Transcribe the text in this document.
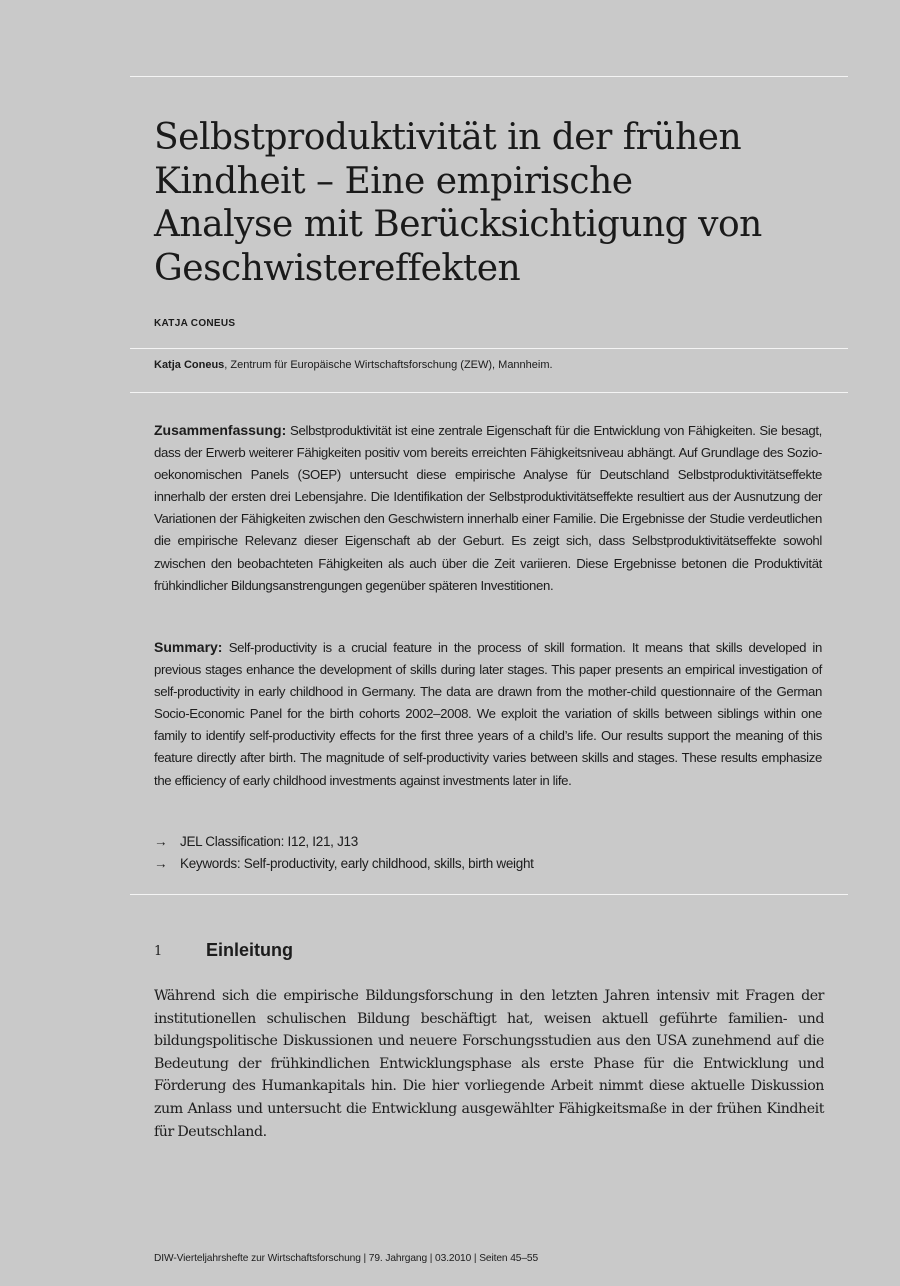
Selbstproduktivität in der frühen
Kindheit – Eine empirische
Analyse mit Berücksichtigung von
Geschwistereffekten
KATJA CONEUS
Katja Coneus, Zentrum für Europäische Wirtschaftsforschung (ZEW), Mannheim.
Zusammenfassung: Selbstproduktivität ist eine zentrale Eigenschaft für die Entwicklung von Fähigkeiten. Sie besagt, dass der Erwerb weiterer Fähigkeiten positiv vom bereits erreichten Fähigkeitsniveau abhängt. Auf Grundlage des Sozio-oekonomischen Panels (SOEP) untersucht diese empirische Analyse für Deutschland Selbstproduktivitätseffekte innerhalb der ersten drei Lebensjahre. Die Identifikation der Selbstproduktivitätseffekte resultiert aus der Ausnutzung der Variationen der Fähigkeiten zwischen den Geschwistern innerhalb einer Familie. Die Ergebnisse der Studie verdeutlichen die empirische Relevanz dieser Eigenschaft ab der Geburt. Es zeigt sich, dass Selbstproduktivitätseffekte sowohl zwischen den beobachteten Fähigkeiten als auch über die Zeit variieren. Diese Ergebnisse betonen die Produktivität frühkindlicher Bildungsanstrengungen gegenüber späteren Investitionen.
Summary: Self-productivity is a crucial feature in the process of skill formation. It means that skills developed in previous stages enhance the development of skills during later stages. This paper presents an empirical investigation of self-productivity in early childhood in Germany. The data are drawn from the mother-child questionnaire of the German Socio-Economic Panel for the birth cohorts 2002–2008. We exploit the variation of skills between siblings within one family to identify self-productivity effects for the first three years of a child’s life. Our results support the meaning of this feature directly after birth. The magnitude of self-productivity varies between skills and stages. These results emphasize the efficiency of early childhood investments against investments later in life.
→ JEL Classification: I12, I21, J13
→ Keywords: Self-productivity, early childhood, skills, birth weight
1 Einleitung
Während sich die empirische Bildungsforschung in den letzten Jahren intensiv mit Fragen der institutionellen schulischen Bildung beschäftigt hat, weisen aktuell geführte familien- und bildungspolitische Diskussionen und neuere Forschungsstudien aus den USA zunehmend auf die Bedeutung der frühkindlichen Entwicklungsphase als erste Phase für die Entwicklung und Förderung des Humankapitals hin. Die hier vorliegende Arbeit nimmt diese aktuelle Diskussion zum Anlass und untersucht die Entwicklung ausgewählter Fähigkeitsmaße in der frühen Kindheit für Deutschland.
DIW-Vierteljahrshefte zur Wirtschaftsforschung | 79. Jahrgang | 03.2010 | Seiten 45–55
